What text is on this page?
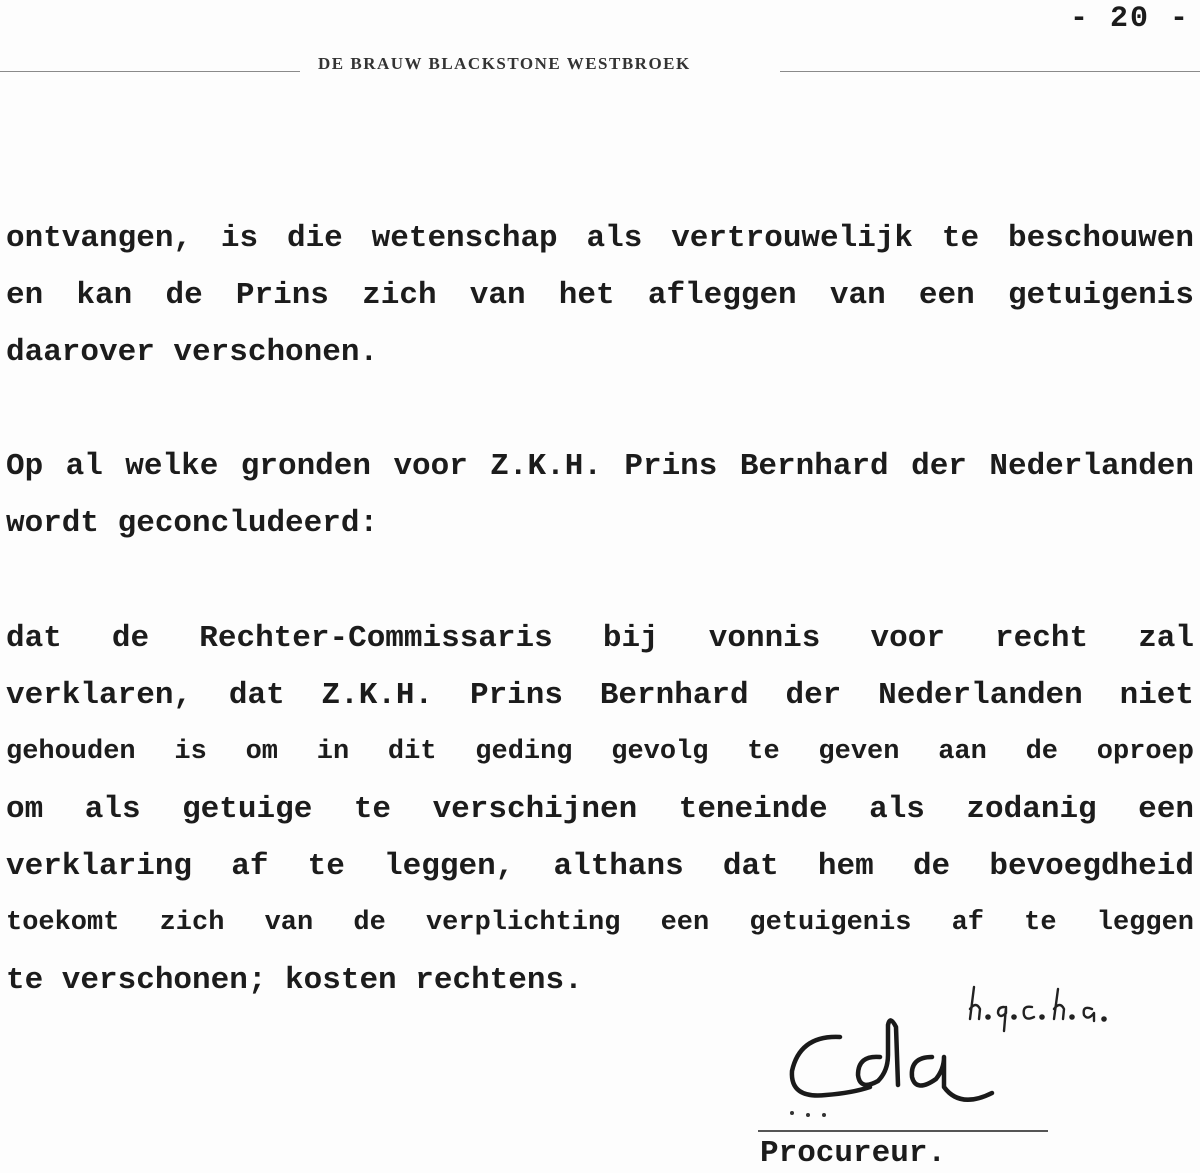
- 20 -
DE BRAUW BLACKSTONE WESTBROEK

ontvangen, is die wetenschap als vertrouwelijk te beschouwen
en kan de Prins zich van het afleggen van een getuigenis
daarover verschonen.

Op al welke gronden voor Z.K.H. Prins Bernhard der Nederlanden
wordt geconcludeerd:

dat de Rechter-Commissaris bij vonnis voor recht zal
verklaren, dat Z.K.H. Prins Bernhard der Nederlanden niet
gehouden is om in dit geding gevolg te geven aan de oproep
om als getuige te verschijnen teneinde als zodanig een
verklaring af te leggen, althans dat hem de bevoegdheid
toekomt zich van de verplichting een getuigenis af te leggen
te verschonen; kosten rechtens.

Procureur.
